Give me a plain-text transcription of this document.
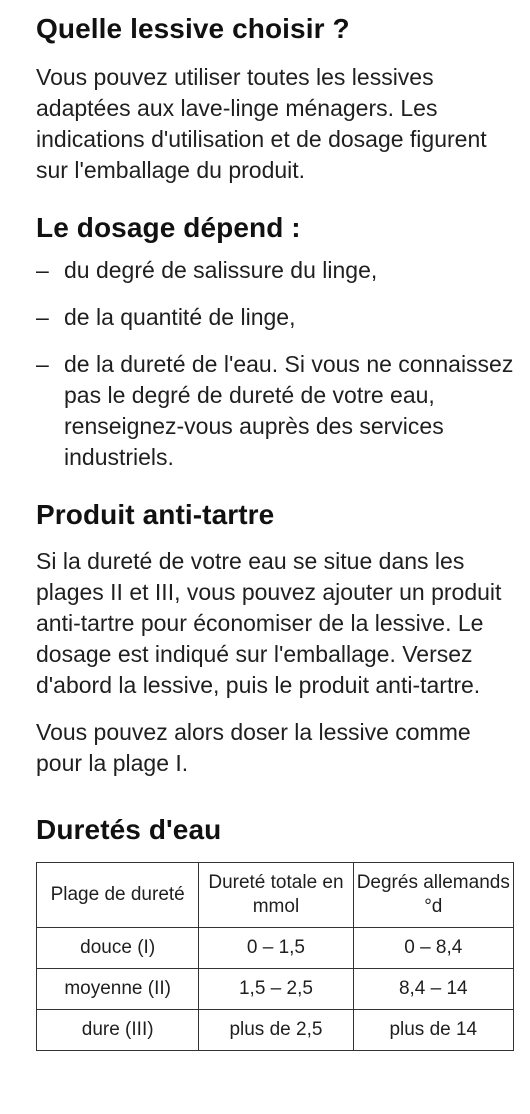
Quelle lessive choisir ?

Vous pouvez utiliser toutes les lessives adaptées aux lave-linge ménagers. Les indications d'utilisation et de dosage figurent sur l'emballage du produit.

Le dosage dépend :
– du degré de salissure du linge,
– de la quantité de linge,
– de la dureté de l'eau. Si vous ne connaissez pas le degré de dureté de votre eau, renseignez-vous auprès des services industriels.
Produit anti-tartre

Si la dureté de votre eau se situe dans les plages II et III, vous pouvez ajouter un produit anti-tartre pour économiser de la lessive. Le dosage est indiqué sur l'emballage. Versez d'abord la lessive, puis le produit anti-tartre.

Vous pouvez alors doser la lessive comme pour la plage I.

Duretés d'eau
Plage de dureté	Dureté totale en mmol	Degrés allemands °d
douce (I)	0 – 1,5	0 – 8,4
moyenne (II)	1,5 – 2,5	8,4 – 14
dure (III)	plus de 2,5	plus de 14
